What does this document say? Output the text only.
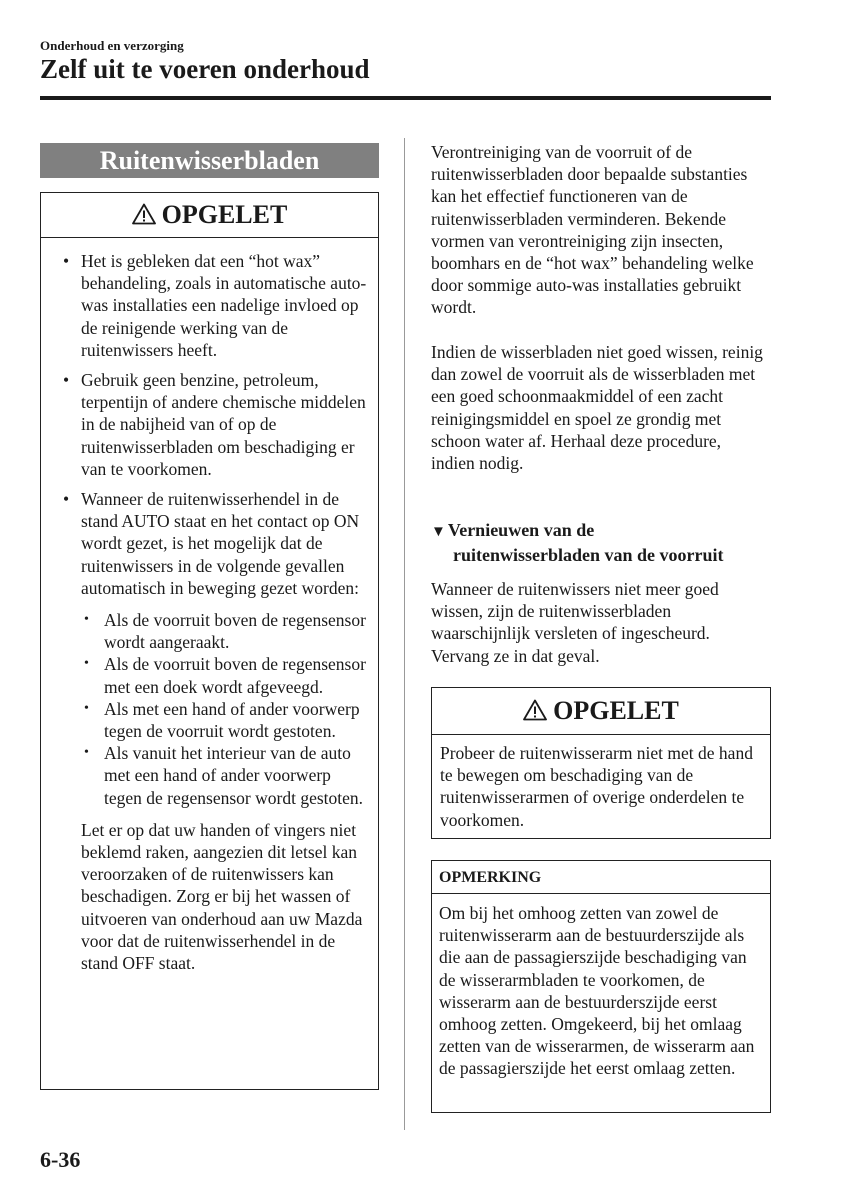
Onderhoud en verzorging
Zelf uit te voeren onderhoud
Ruitenwisserbladen
OPGELET
• Het is gebleken dat een “hot wax” behandeling, zoals in automatische auto-was installaties een nadelige invloed op de reinigende werking van de ruitenwissers heeft.
• Gebruik geen benzine, petroleum, terpentijn of andere chemische middelen in de nabijheid van of op de ruitenwisserbladen om beschadiging er van te voorkomen.
• Wanneer de ruitenwisserhendel in de stand AUTO staat en het contact op ON wordt gezet, is het mogelijk dat de ruitenwissers in de volgende gevallen automatisch in beweging gezet worden:
• Als de voorruit boven de regensensor wordt aangeraakt.
• Als de voorruit boven de regensensor met een doek wordt afgeveegd.
• Als met een hand of ander voorwerp tegen de voorruit wordt gestoten.
• Als vanuit het interieur van de auto met een hand of ander voorwerp tegen de regensensor wordt gestoten.

Let er op dat uw handen of vingers niet beklemd raken, aangezien dit letsel kan veroorzaken of de ruitenwissers kan beschadigen. Zorg er bij het wassen of uitvoeren van onderhoud aan uw Mazda voor dat de ruitenwisserhendel in de stand OFF staat.

Verontreiniging van de voorruit of de ruitenwisserbladen door bepaalde substanties kan het effectief functioneren van de ruitenwisserbladen verminderen. Bekende vormen van verontreiniging zijn insecten, boomhars en de “hot wax” behandeling welke door sommige auto-was installaties gebruikt wordt.

Indien de wisserbladen niet goed wissen, reinig dan zowel de voorruit als de wisserbladen met een goed schoonmaakmiddel of een zacht reinigingsmiddel en spoel ze grondig met schoon water af. Herhaal deze procedure, indien nodig.

▼ Vernieuwen van de
ruitenwisserbladen van de voorruit

Wanneer de ruitenwissers niet meer goed wissen, zijn de ruitenwisserbladen waarschijnlijk versleten of ingescheurd. Vervang ze in dat geval.

OPGELET

Probeer de ruitenwisserarm niet met de hand te bewegen om beschadiging van de ruitenwisserarmen of overige onderdelen te voorkomen.

OPMERKING

Om bij het omhoog zetten van zowel de ruitenwisserarm aan de bestuurderszijde als die aan de passagierszijde beschadiging van de wisserarmbladen te voorkomen, de wisserarm aan de bestuurderszijde eerst omhoog zetten. Omgekeerd, bij het omlaag zetten van de wisserarmen, de wisserarm aan de passagierszijde het eerst omlaag zetten.

6-36
